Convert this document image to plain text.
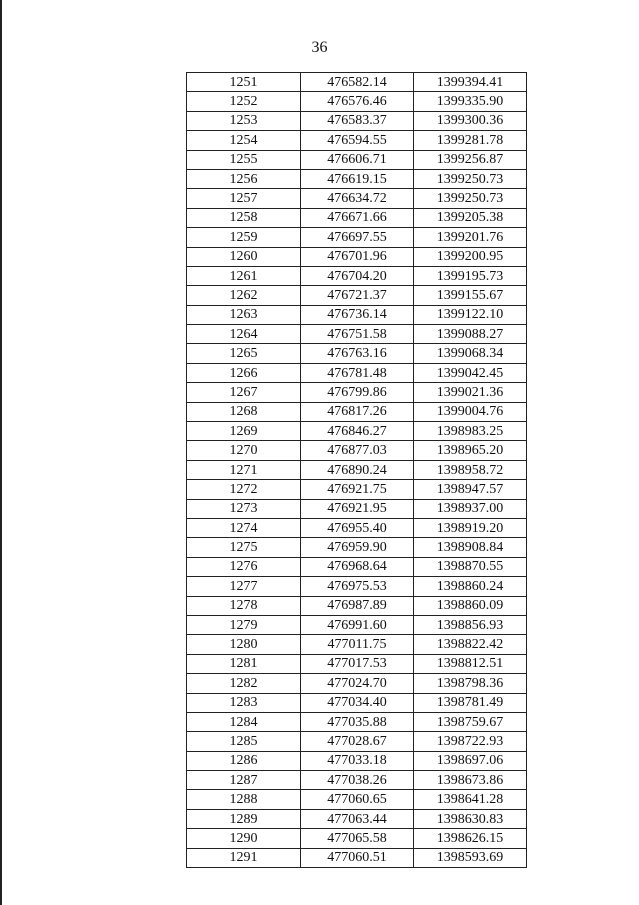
36
1251	476582.14	1399394.41
1252	476576.46	1399335.90
1253	476583.37	1399300.36
1254	476594.55	1399281.78
1255	476606.71	1399256.87
1256	476619.15	1399250.73
1257	476634.72	1399250.73
1258	476671.66	1399205.38
1259	476697.55	1399201.76
1260	476701.96	1399200.95
1261	476704.20	1399195.73
1262	476721.37	1399155.67
1263	476736.14	1399122.10
1264	476751.58	1399088.27
1265	476763.16	1399068.34
1266	476781.48	1399042.45
1267	476799.86	1399021.36
1268	476817.26	1399004.76
1269	476846.27	1398983.25
1270	476877.03	1398965.20
1271	476890.24	1398958.72
1272	476921.75	1398947.57
1273	476921.95	1398937.00
1274	476955.40	1398919.20
1275	476959.90	1398908.84
1276	476968.64	1398870.55
1277	476975.53	1398860.24
1278	476987.89	1398860.09
1279	476991.60	1398856.93
1280	477011.75	1398822.42
1281	477017.53	1398812.51
1282	477024.70	1398798.36
1283	477034.40	1398781.49
1284	477035.88	1398759.67
1285	477028.67	1398722.93
1286	477033.18	1398697.06
1287	477038.26	1398673.86
1288	477060.65	1398641.28
1289	477063.44	1398630.83
1290	477065.58	1398626.15
1291	477060.51	1398593.69
